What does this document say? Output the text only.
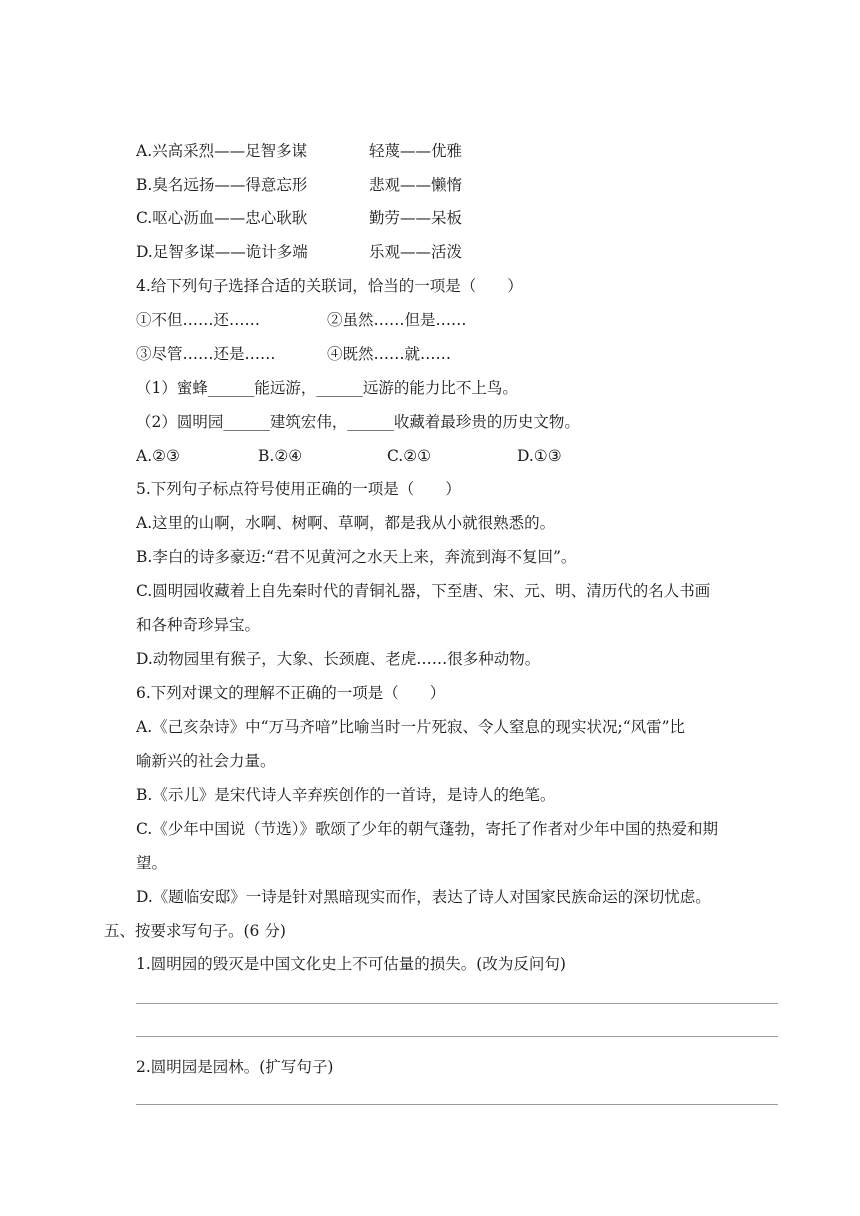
A.兴高采烈——足智多谋	轻蔑——优雅
B.臭名远扬——得意忘形	悲观——懒惰
C.呕心沥血——忠心耿耿	勤劳——呆板
D.足智多谋——诡计多端	乐观——活泼
4.给下列句子选择合适的关联词，恰当的一项是（　　）
①不但……还……	②虽然……但是……
③尽管……还是……	④既然……就……
（1）蜜蜂______能远游，______远游的能力比不上鸟。
（2）圆明园______建筑宏伟，______收藏着最珍贵的历史文物。
A.②③	B.②④	C.②①	D.①③
5.下列句子标点符号使用正确的一项是（　　）
A.这里的山啊，水啊、树啊、草啊，都是我从小就很熟悉的。
B.李白的诗多豪迈:“君不见黄河之水天上来，奔流到海不复回”。
C.圆明园收藏着上自先秦时代的青铜礼器，下至唐、宋、元、明、清历代的名人书画
和各种奇珍异宝。
D.动物园里有猴子，大象、长颈鹿、老虎……很多种动物。
6.下列对课文的理解不正确的一项是（　　）
A.《己亥杂诗》中“万马齐喑”比喻当时一片死寂、令人窒息的现实状况;“风雷”比
喻新兴的社会力量。
B.《示儿》是宋代诗人辛弃疾创作的一首诗，是诗人的绝笔。
C.《少年中国说（节选）》歌颂了少年的朝气蓬勃，寄托了作者对少年中国的热爱和期
望。
D.《题临安邸》一诗是针对黑暗现实而作，表达了诗人对国家民族命运的深切忧虑。
五、按要求写句子。(6 分)
1.圆明园的毁灭是中国文化史上不可估量的损失。(改为反问句)
2.圆明园是园林。(扩写句子)
